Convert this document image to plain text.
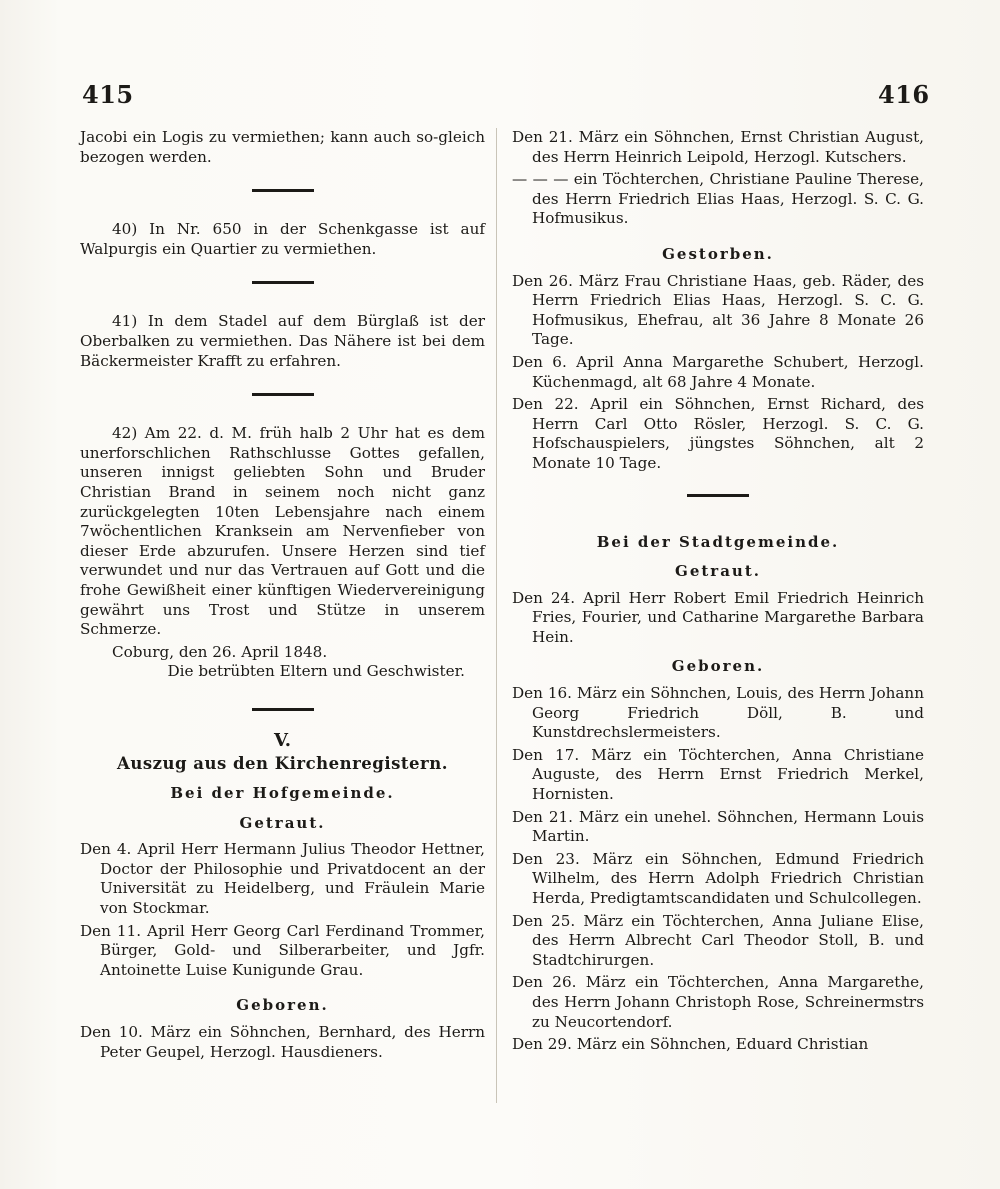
415	416

Jacobi ein Logis zu vermiethen; kann auch so-gleich bezogen werden.

40) In Nr. 650 in der Schenkgasse ist auf Walpurgis ein Quartier zu vermiethen.

41) In dem Stadel auf dem Bürglaß ist der Oberbalken zu vermiethen. Das Nähere ist bei dem Bäckermeister Krafft zu erfahren.

42) Am 22. d. M. früh halb 2 Uhr hat es dem unerforschlichen Rathschlusse Gottes gefallen, unseren innigst geliebten Sohn und Bruder Christian Brand in seinem noch nicht ganz zurückgelegten 10ten Lebensjahre nach einem 7wöchentlichen Krankseіn am Nervenfieber von dieser Erde abzurufen. Unsere Herzen sind tief verwundet und nur das Vertrauen auf Gott und die frohe Gewißheit einer künftigen Wiedervereinigung gewährt uns Trost und Stütze in unserem Schmerze.

Coburg, den 26. April 1848.

Die betrübten Eltern und Geschwister.

V.

Auszug aus den Kirchenregistern.

Bei der Hofgemeinde.

Getraut.

Den 4. April Herr Hermann Julius Theodor Hettner, Doctor der Philosophie und Privatdocent an der Universität zu Heidelberg, und Fräulein Marie von Stockmar.

Den 11. April Herr Georg Carl Ferdinand Trommer, Bürger, Gold- und Silberarbeiter, und Jgfr. Antoinette Luise Kunigunde Grau.

Geboren.

Den 10. März ein Söhnchen, Bernhard, des Herrn Peter Geupel, Herzogl. Hausdieners.

Den 21. März ein Söhnchen, Ernst Christian August, des Herrn Heinrich Leipold, Herzogl. Kutschers.

— — — ein Töchterchen, Christiane Pauline Therese, des Herrn Friedrich Elias Haas, Herzogl. S. C. G. Hofmusikus.

Gestorben.

Den 26. März Frau Christiane Haas, geb. Räder, des Herrn Friedrich Elias Haas, Herzogl. S. C. G. Hofmusikus, Ehefrau, alt 36 Jahre 8 Monate 26 Tage.

Den 6. April Anna Margarethe Schubert, Herzogl. Küchenmagd, alt 68 Jahre 4 Monate.

Den 22. April ein Söhnchen, Ernst Richard, des Herrn Carl Otto Rösler, Herzogl. S. C. G. Hofschauspielers, jüngstes Söhnchen, alt 2 Monate 10 Tage.

Bei der Stadtgemeinde.

Getraut.

Den 24. April Herr Robert Emil Friedrich Heinrich Fries, Fourier, und Catharine Margarethe Barbara Hein.

Geboren.

Den 16. März ein Söhnchen, Louis, des Herrn Johann Georg Friedrich Döll, B. und Kunstdrechslermeisters.

Den 17. März ein Töchterchen, Anna Christiane Auguste, des Herrn Ernst Friedrich Merkel, Hornisten.

Den 21. März ein unehel. Söhnchen, Hermann Louis Martin.

Den 23. März ein Söhnchen, Edmund Friedrich Wilhelm, des Herrn Adolph Friedrich Christian Herda, Predigtamtscandidaten und Schulcollegen.

Den 25. März ein Töchterchen, Anna Juliane Elise, des Herrn Albrecht Carl Theodor Stoll, B. und Stadtchirurgen.

Den 26. März ein Töchterchen, Anna Margarethe, des Herrn Johann Christoph Rose, Schreinermstrs zu Neucortendorf.

Den 29. März ein Söhnchen, Eduard Christian
